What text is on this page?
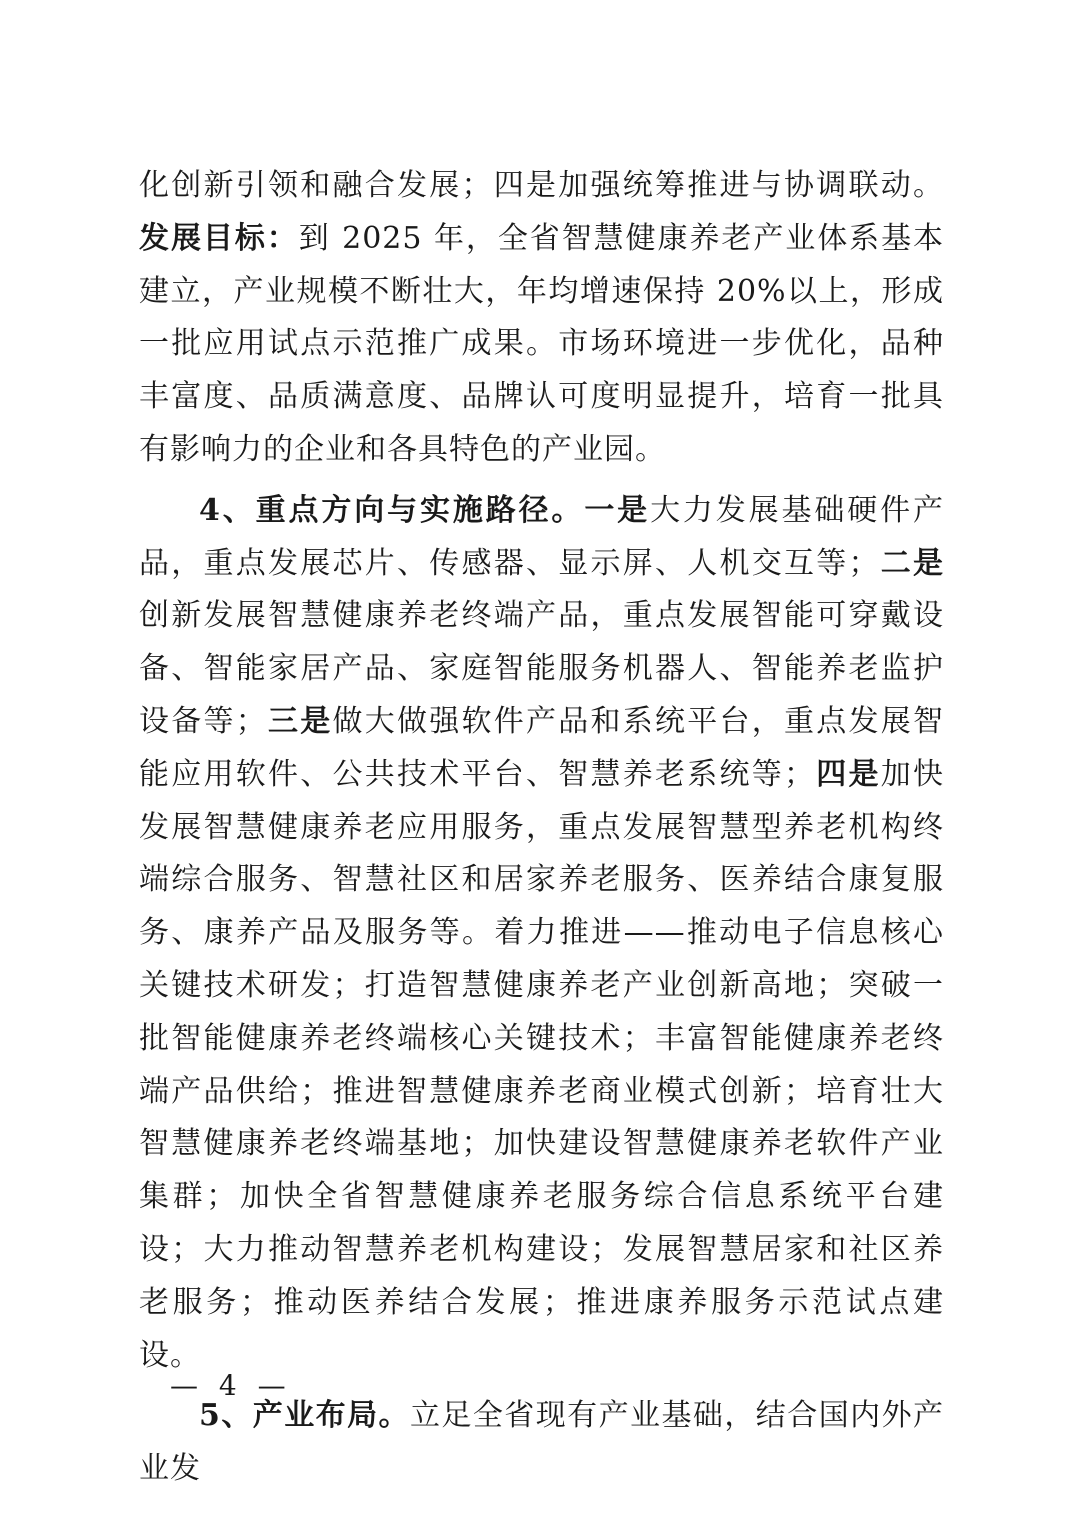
化创新引领和融合发展；四是加强统筹推进与协调联动。发展目标：到 2025 年，全省智慧健康养老产业体系基本建立，产业规模不断壮大，年均增速保持 20%以上，形成一批应用试点示范推广成果。市场环境进一步优化，品种丰富度、品质满意度、品牌认可度明显提升，培育一批具有影响力的企业和各具特色的产业园。

4、重点方向与实施路径。一是大力发展基础硬件产品，重点发展芯片、传感器、显示屏、人机交互等；二是创新发展智慧健康养老终端产品，重点发展智能可穿戴设备、智能家居产品、家庭智能服务机器人、智能养老监护设备等；三是做大做强软件产品和系统平台，重点发展智能应用软件、公共技术平台、智慧养老系统等；四是加快发展智慧健康养老应用服务，重点发展智慧型养老机构终端综合服务、智慧社区和居家养老服务、医养结合康复服务、康养产品及服务等。着力推进——推动电子信息核心关键技术研发；打造智慧健康养老产业创新高地；突破一批智能健康养老终端核心关键技术；丰富智能健康养老终端产品供给；推进智慧健康养老商业模式创新；培育壮大智慧健康养老终端基地；加快建设智慧健康养老软件产业集群；加快全省智慧健康养老服务综合信息系统平台建设；大力推动智慧养老机构建设；发展智慧居家和社区养老服务；推动医养结合发展；推进康养服务示范试点建设。

5、产业布局。立足全省现有产业基础，结合国内外产业发

— 4 —
